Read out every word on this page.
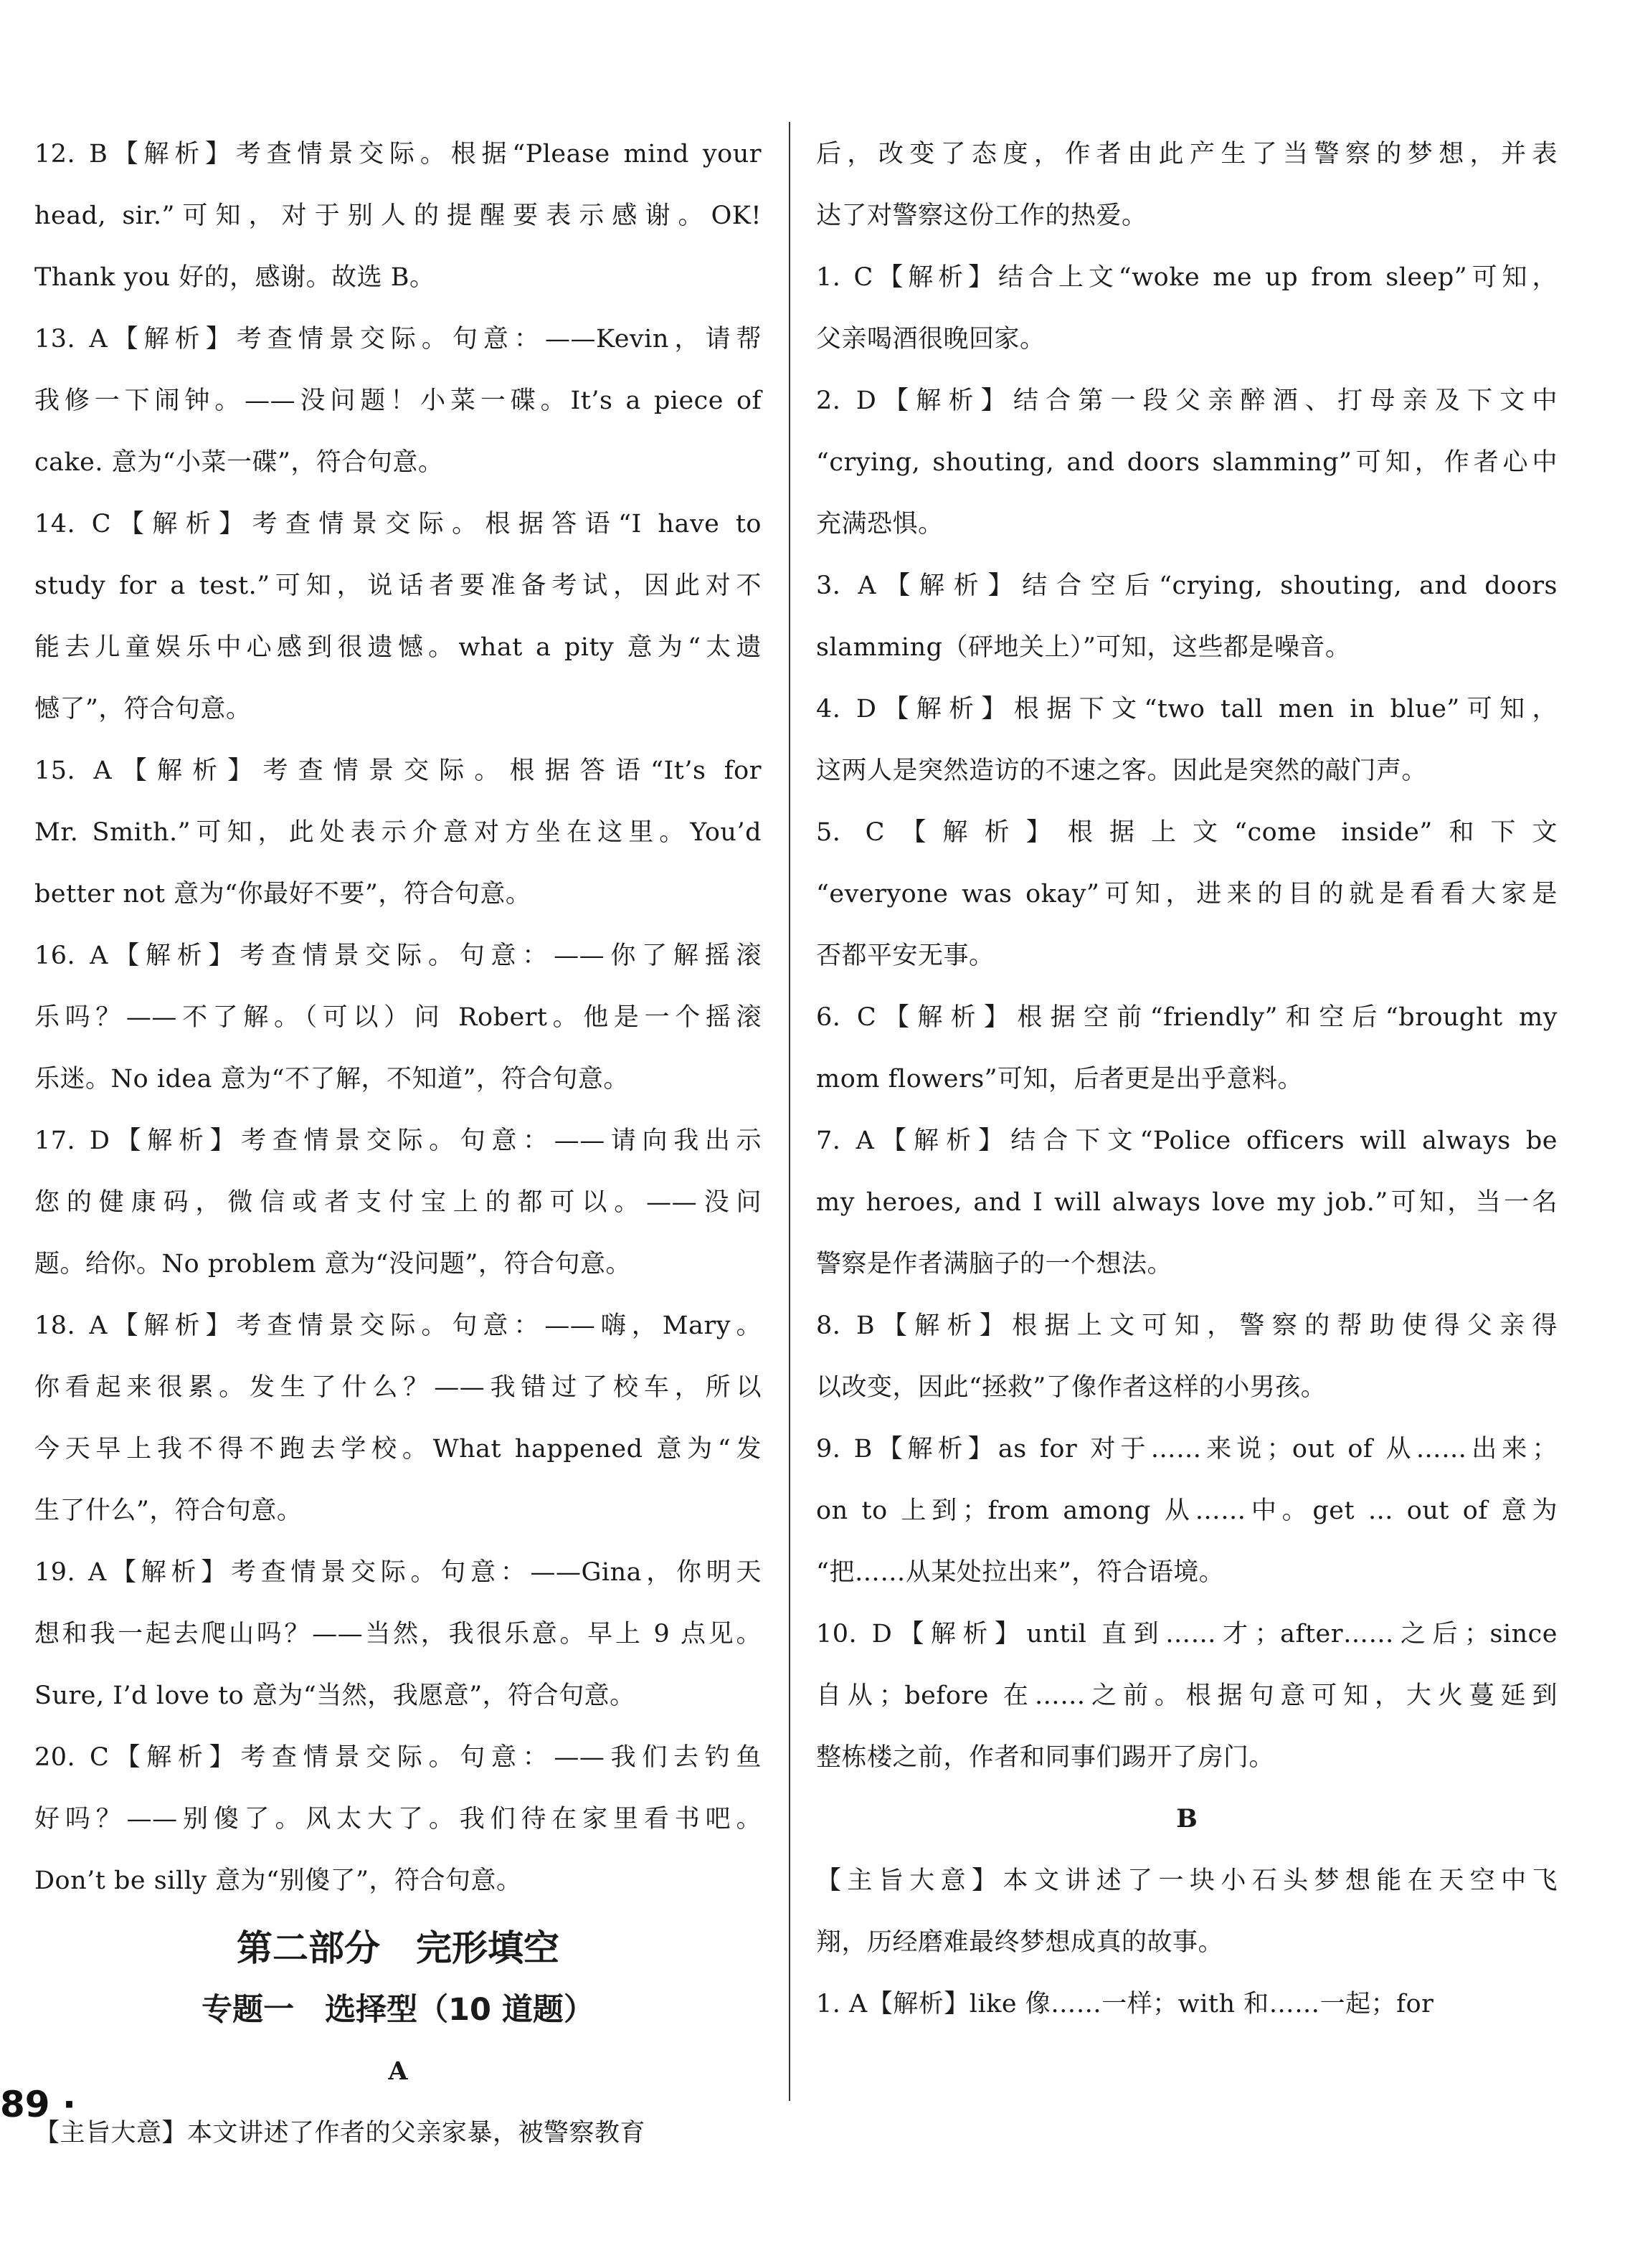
12. B【解析】考查情景交际。根据“Please mind your
head, sir.”可知，对于别人的提醒要表示感谢。OK!
Thank you 好的，感谢。故选 B。
13. A【解析】考查情景交际。句意：——Kevin，请帮
我修一下闹钟。——没问题！小菜一碟。It’s a piece of
cake. 意为“小菜一碟”，符合句意。
14. C【解析】考查情景交际。根据答语“I have to
study for a test.”可知，说话者要准备考试，因此对不
能去儿童娱乐中心感到很遗憾。what a pity 意为“太遗
憾了”，符合句意。
15. A【解析】考查情景交际。根据答语“It’s for
Mr. Smith.”可知，此处表示介意对方坐在这里。You’d
better not 意为“你最好不要”，符合句意。
16. A【解析】考查情景交际。句意：——你了解摇滚
乐吗？——不了解。（可以）问 Robert。他是一个摇滚
乐迷。No idea 意为“不了解，不知道”，符合句意。
17. D【解析】考查情景交际。句意：——请向我出示
您的健康码，微信或者支付宝上的都可以。——没问
题。给你。No problem 意为“没问题”，符合句意。
18. A【解析】考查情景交际。句意：——嗨，Mary。
你看起来很累。发生了什么？——我错过了校车，所以
今天早上我不得不跑去学校。What happened 意为“发
生了什么”，符合句意。
19. A【解析】考查情景交际。句意：——Gina，你明天
想和我一起去爬山吗？——当然，我很乐意。早上 9 点见。
Sure, I’d love to 意为“当然，我愿意”，符合句意。
20. C【解析】考查情景交际。句意：——我们去钓鱼
好吗？——别傻了。风太大了。我们待在家里看书吧。
Don’t be silly 意为“别傻了”，符合句意。
第二部分　完形填空
专题一　选择型（10 道题）
A
【主旨大意】本文讲述了作者的父亲家暴，被警察教育
后，改变了态度，作者由此产生了当警察的梦想，并表
达了对警察这份工作的热爱。
1. C【解析】结合上文“woke me up from sleep”可知，
父亲喝酒很晚回家。
2. D【解析】结合第一段父亲醉酒、打母亲及下文中
“crying, shouting, and doors slamming”可知，作者心中
充满恐惧。
3. A【解析】结合空后“crying, shouting, and doors
slamming（砰地关上）”可知，这些都是噪音。
4. D【解析】根据下文“two tall men in blue”可知，
这两人是突然造访的不速之客。因此是突然的敲门声。
5. C【解析】根据上文“come inside”和下文
“everyone was okay”可知，进来的目的就是看看大家是
否都平安无事。
6. C【解析】根据空前“friendly”和空后“brought my
mom flowers”可知，后者更是出乎意料。
7. A【解析】结合下文“Police officers will always be
my heroes, and I will always love my job.”可知，当一名
警察是作者满脑子的一个想法。
8. B【解析】根据上文可知，警察的帮助使得父亲得
以改变，因此“拯救”了像作者这样的小男孩。
9. B【解析】as for 对于……来说；out of 从……出来；
on to 上到；from among 从……中。get ... out of 意为
“把……从某处拉出来”，符合语境。
10. D【解析】until 直到……才；after……之后；since
自从；before 在……之前。根据句意可知，大火蔓延到
整栋楼之前，作者和同事们踢开了房门。
B
【主旨大意】本文讲述了一块小石头梦想能在天空中飞
翔，历经磨难最终梦想成真的故事。
1. A【解析】like 像……一样；with 和……一起；for
89 ·
